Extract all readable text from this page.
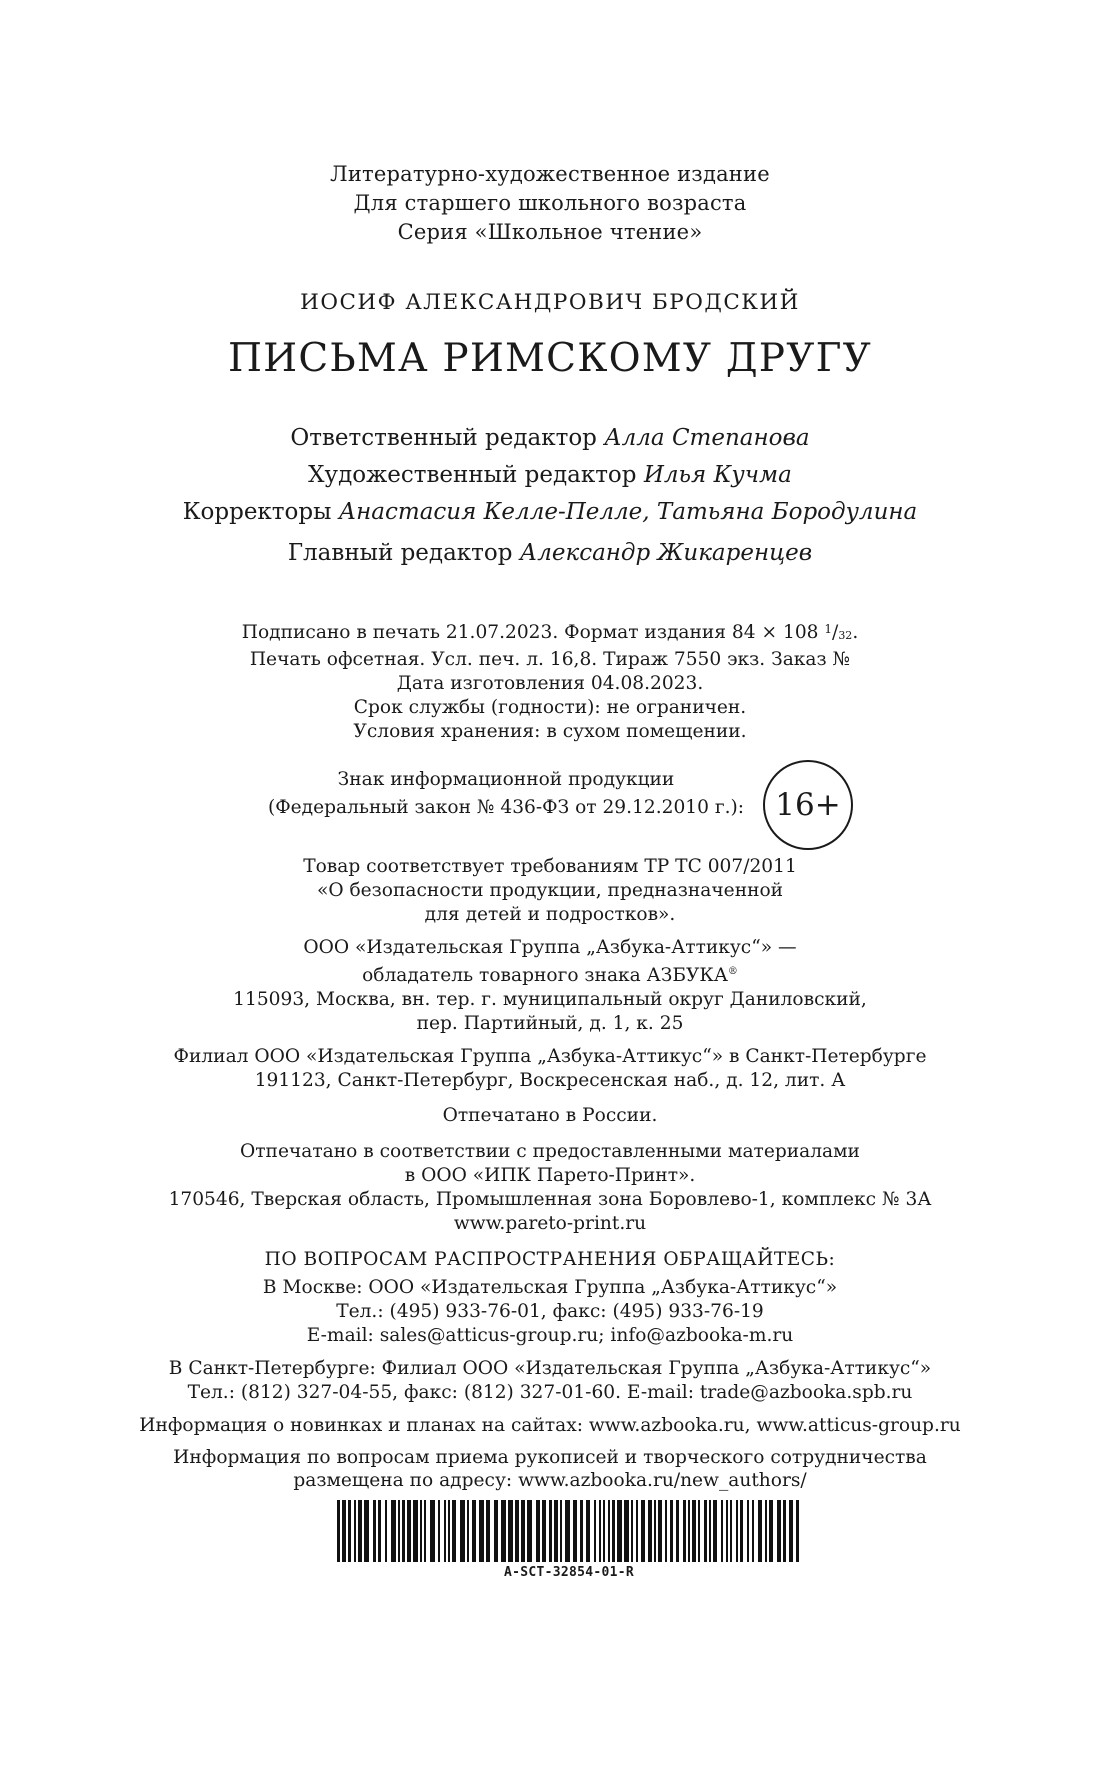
Литературно-художественное издание
Для старшего школьного возраста
Серия «Школьное чтение»
ИОСИФ АЛЕКСАНДРОВИЧ БРОДСКИЙ
ПИСЬМА РИМСКОМУ ДРУГУ
Ответственный редактор Алла Степанова
Художественный редактор Илья Кучма
Корректоры Анастасия Келле-Пелле, Татьяна Бородулина
Главный редактор Александр Жикаренцев
Подписано в печать 21.07.2023. Формат издания 84 × 108 $^1$/32.
Печать офсетная. Усл. печ. л. 16,8. Тираж 7550 экз. Заказ №
Дата изготовления 04.08.2023.
Срок службы (годности): не ограничен.
Условия хранения: в сухом помещении.
Знак информационной продукции
(Федеральный закон № 436-ФЗ от 29.12.2010 г.):	16+
Товар соответствует требованиям ТР ТС 007/2011
«О безопасности продукции, предназначенной
для детей и подростков».
ООО «Издательская Группа „Азбука-Аттикус“» —
обладатель товарного знака АЗБУКА®
115093, Москва, вн. тер. г. муниципальный округ Даниловский,
пер. Партийный, д. 1, к. 25
Филиал ООО «Издательская Группа „Азбука-Аттикус“» в Санкт-Петербурге
191123, Санкт-Петербург, Воскресенская наб., д. 12, лит. А
Отпечатано в России.
Отпечатано в соответствии с предоставленными материалами
в ООО «ИПК Парето-Принт».
170546, Тверская область, Промышленная зона Боровлево-1, комплекс № 3А
www.pareto-print.ru
ПО ВОПРОСАМ РАСПРОСТРАНЕНИЯ ОБРАЩАЙТЕСЬ:
В Москве: ООО «Издательская Группа „Азбука-Аттикус“»
Тел.: (495) 933-76-01, факс: (495) 933-76-19
E-mail: sales@atticus-group.ru; info@azbooka-m.ru
В Санкт-Петербурге: Филиал ООО «Издательская Группа „Азбука-Аттикус“»
Тел.: (812) 327-04-55, факс: (812) 327-01-60. E-mail: trade@azbooka.spb.ru
Информация о новинках и планах на сайтах: www.azbooka.ru, www.atticus-group.ru
Информация по вопросам приема рукописей и творческого сотрудничества
размещена по адресу: www.azbooka.ru/new_authors/
A-SCT-32854-01-R
